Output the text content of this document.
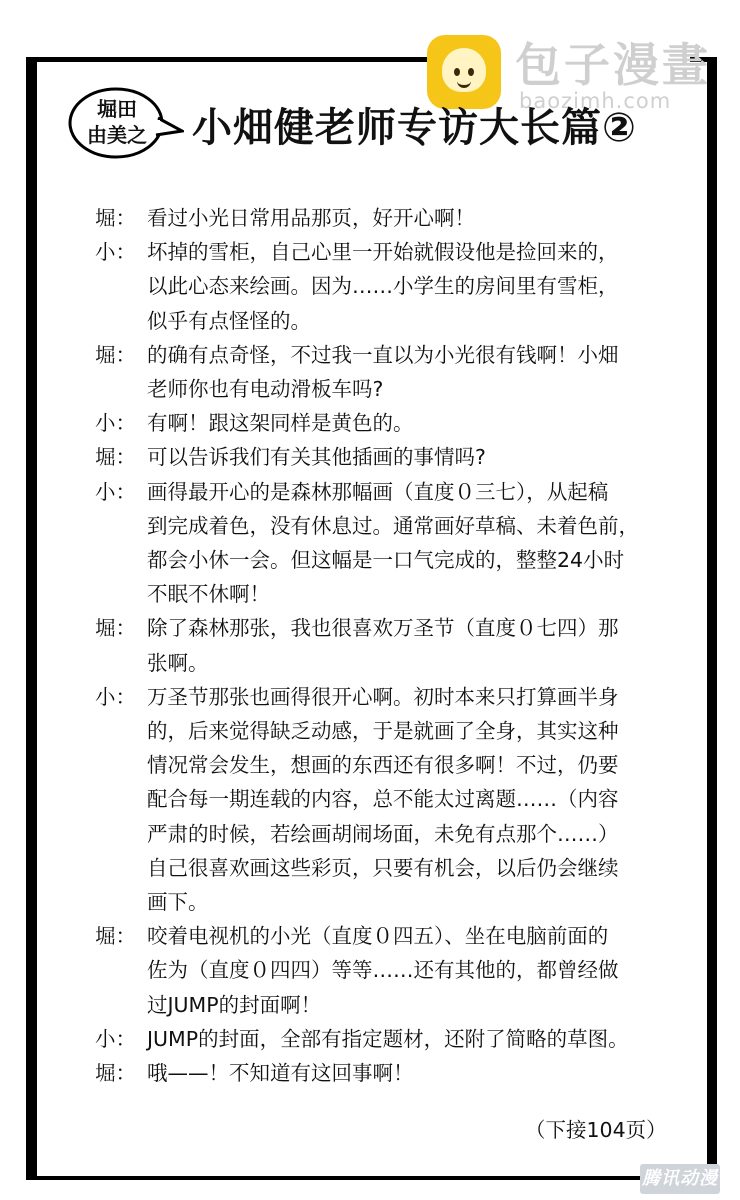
包子漫畫
baozimh.com
堀田
由美之 小畑健老师专访大长篇②
堀： 看过小光日常用品那页，好开心啊！
小： 坏掉的雪柜，自己心里一开始就假设他是捡回来的，
以此心态来绘画。因为……小学生的房间里有雪柜，
似乎有点怪怪的。
堀： 的确有点奇怪，不过我一直以为小光很有钱啊！小畑
老师你也有电动滑板车吗?
小： 有啊！跟这架同样是黄色的。
堀： 可以告诉我们有关其他插画的事情吗?
小： 画得最开心的是森林那幅画（直度０三七），从起稿
到完成着色，没有休息过。通常画好草稿、未着色前，
都会小休一会。但这幅是一口气完成的，整整24小时
不眠不休啊！
堀： 除了森林那张，我也很喜欢万圣节（直度０七四）那
张啊。
小： 万圣节那张也画得很开心啊。初时本来只打算画半身
的，后来觉得缺乏动感，于是就画了全身，其实这种
情况常会发生，想画的东西还有很多啊！不过，仍要
配合每一期连载的内容，总不能太过离题……（内容
严肃的时候，若绘画胡闹场面，未免有点那个……）
自己很喜欢画这些彩页，只要有机会，以后仍会继续
画下。
堀： 咬着电视机的小光（直度０四五）、坐在电脑前面的
佐为（直度０四四）等等……还有其他的，都曾经做
过JUMP的封面啊！
小： JUMP的封面，全部有指定题材，还附了简略的草图。
堀： 哦——！不知道有这回事啊！
（下接104页）
腾讯动漫
